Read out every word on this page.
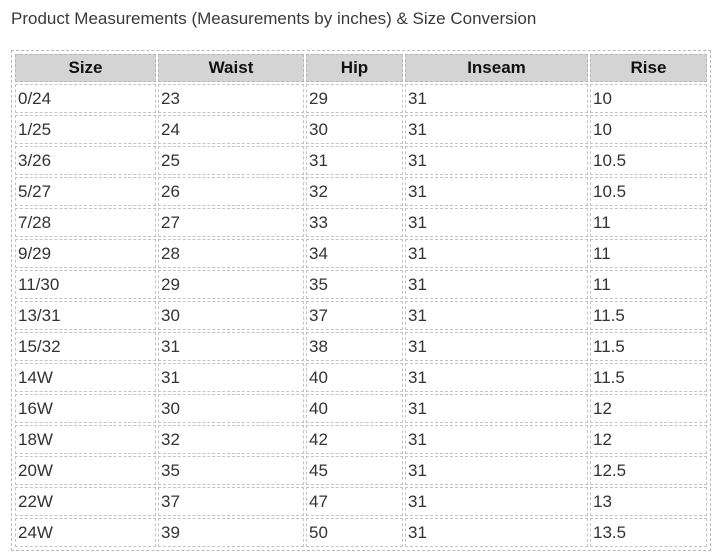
Product Measurements (Measurements by inches) & Size Conversion
Size	Waist	Hip	Inseam	Rise
0/24	23	29	31	10
1/25	24	30	31	10
3/26	25	31	31	10.5
5/27	26	32	31	10.5
7/28	27	33	31	11
9/29	28	34	31	11
11/30	29	35	31	11
13/31	30	37	31	11.5
15/32	31	38	31	11.5
14W	31	40	31	11.5
16W	30	40	31	12
18W	32	42	31	12
20W	35	45	31	12.5
22W	37	47	31	13
24W	39	50	31	13.5
